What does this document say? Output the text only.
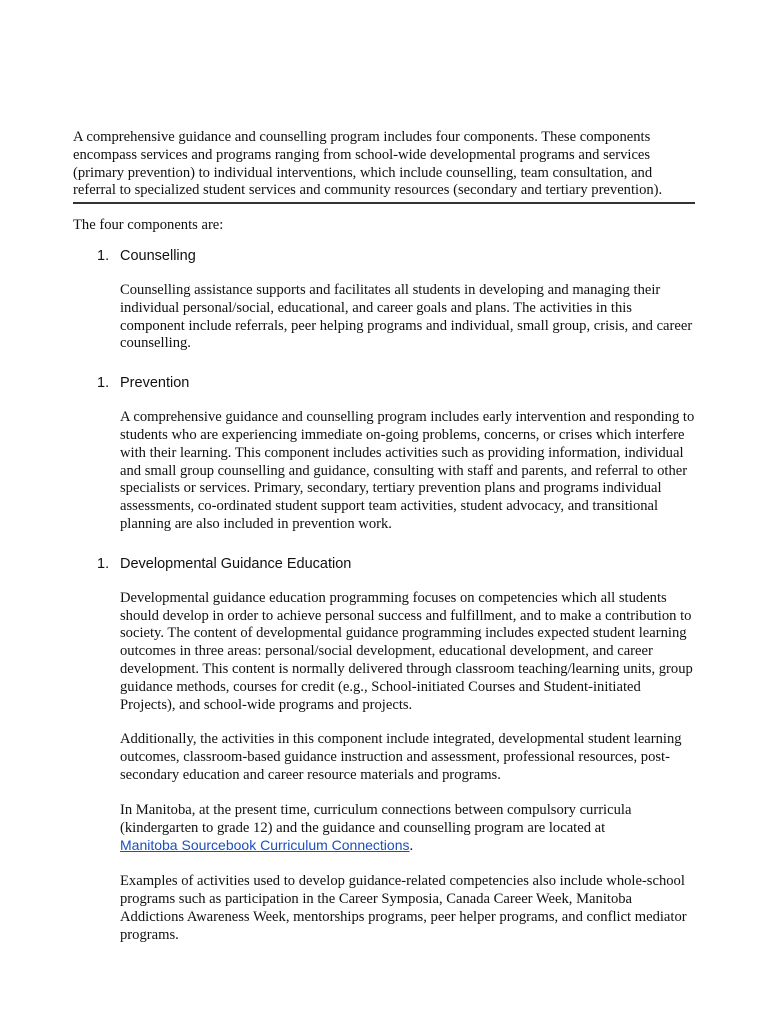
A comprehensive guidance and counselling program includes four components. These components encompass services and programs ranging from school-wide developmental programs and services (primary prevention) to individual interventions, which include counselling, team consultation, and referral to specialized student services and community resources (secondary and tertiary prevention).

The four components are:

1. Counselling

Counselling assistance supports and facilitates all students in developing and managing their individual personal/social, educational, and career goals and plans. The activities in this component include referrals, peer helping programs and individual, small group, crisis, and career counselling.

1. Prevention

A comprehensive guidance and counselling program includes early intervention and responding to students who are experiencing immediate on-going problems, concerns, or crises which interfere with their learning. This component includes activities such as providing information, individual and small group counselling and guidance, consulting with staff and parents, and referral to other specialists or services. Primary, secondary, tertiary prevention plans and programs individual assessments, co-ordinated student support team activities, student advocacy, and transitional planning are also included in prevention work.

1. Developmental Guidance Education

Developmental guidance education programming focuses on competencies which all students should develop in order to achieve personal success and fulfillment, and to make a contribution to society. The content of developmental guidance programming includes expected student learning outcomes in three areas: personal/social development, educational development, and career development. This content is normally delivered through classroom teaching/learning units, group guidance methods, courses for credit (e.g., School-initiated Courses and Student-initiated Projects), and school-wide programs and projects.

Additionally, the activities in this component include integrated, developmental student learning outcomes, classroom-based guidance instruction and assessment, professional resources, post-secondary education and career resource materials and programs.

In Manitoba, at the present time, curriculum connections between compulsory curricula (kindergarten to grade 12) and the guidance and counselling program are located at
Manitoba Sourcebook Curriculum Connections.

Examples of activities used to develop guidance-related competencies also include whole-school programs such as participation in the Career Symposia, Canada Career Week, Manitoba Addictions Awareness Week, mentorships programs, peer helper programs, and conflict mediator programs.
